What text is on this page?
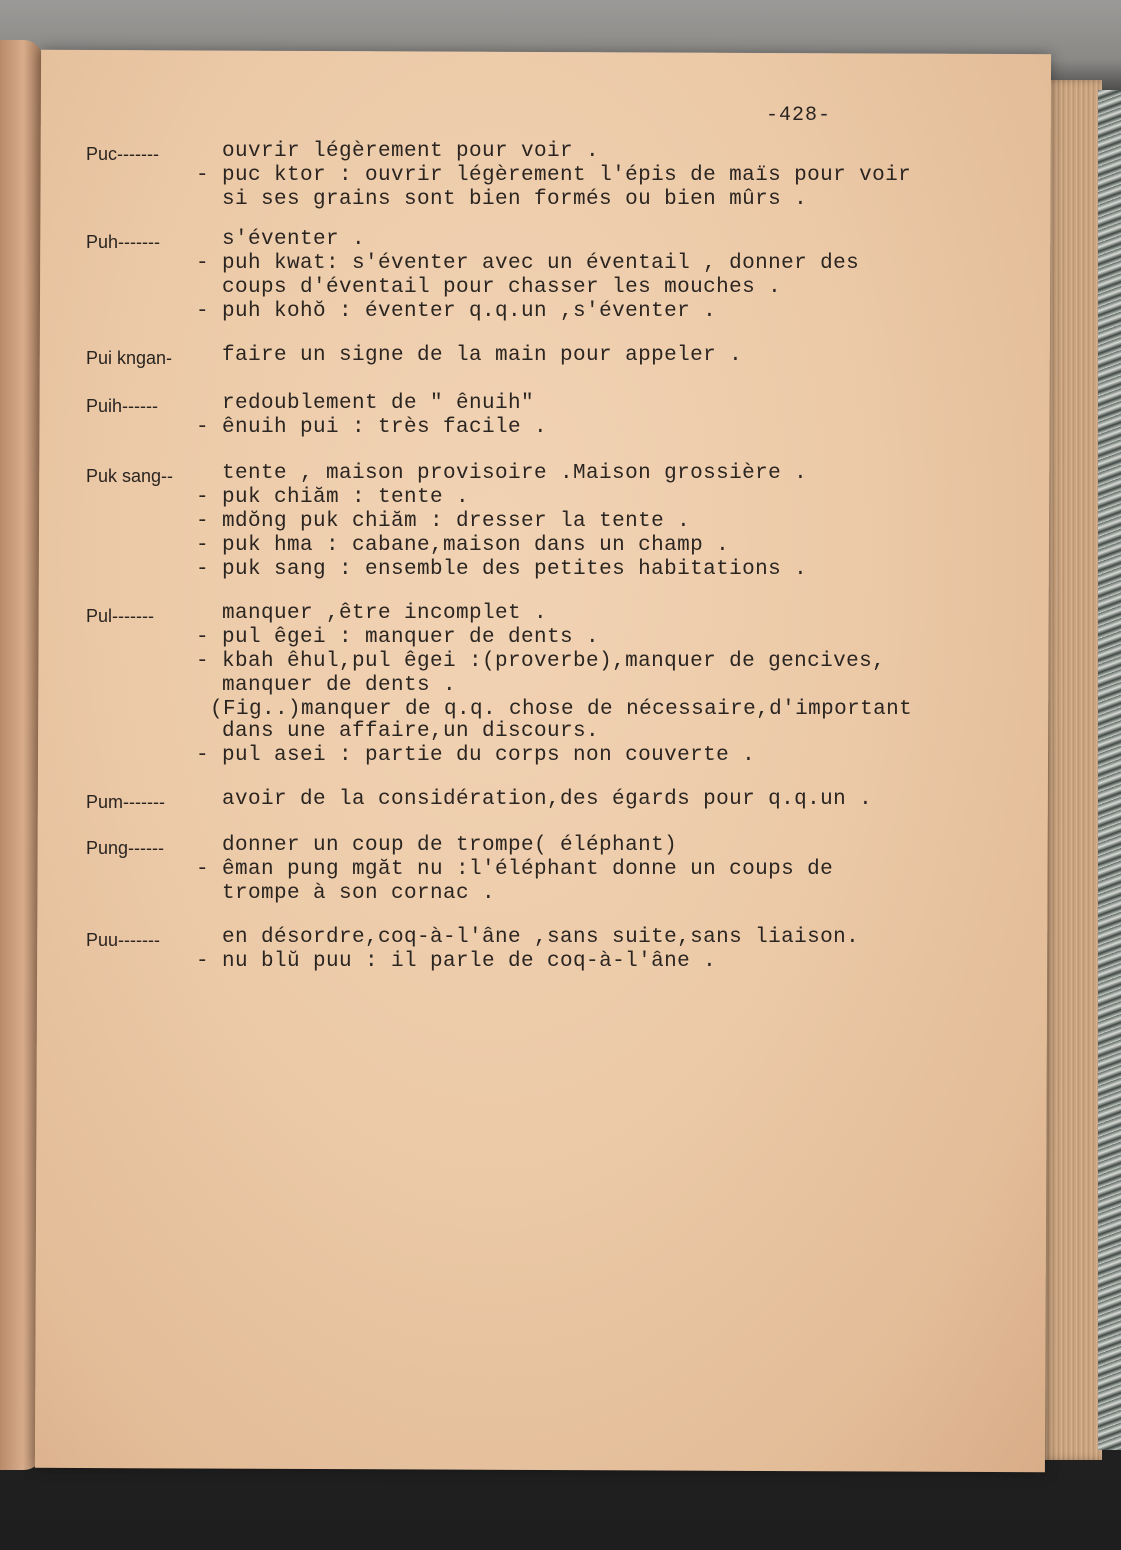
-428-
Puc-------	ouvrir légèrement pour voir .
- puc ktor : ouvrir légèrement l'épis de maïs pour voir
si ses grains sont bien formés ou bien mûrs .
Puh-------	s'éventer .
- puh kwat: s'éventer avec un éventail , donner des
coups d'éventail pour chasser les mouches .
- puh kohŏ : éventer q.q.un ,s'éventer .
Pui kngan-	faire un signe de la main pour appeler .
Puih------	redoublement de " ênuih"
- ênuih pui : très facile .
Puk sang--	tente , maison provisoire .Maison grossière .
- puk chiăm : tente .
- mdŏng puk chiăm : dresser la tente .
- puk hma : cabane,maison dans un champ .
- puk sang : ensemble des petites habitations .
Pul-------	manquer ,être incomplet .
- pul êgei : manquer de dents .
- kbah êhul,pul êgei :(proverbe),manquer de gencives,
manquer de dents .
(Fig..)manquer de q.q. chose de nécessaire,d'important
dans une affaire,un discours.
- pul asei : partie du corps non couverte .
Pum-------	avoir de la considération,des égards pour q.q.un .
Pung------	donner un coup de trompe( éléphant)
- êman pung mgăt nu :l'éléphant donne un coups de
trompe à son cornac .
Puu-------	en désordre,coq-à-l'âne ,sans suite,sans liaison.
- nu blŭ puu : il parle de coq-à-l'âne .
